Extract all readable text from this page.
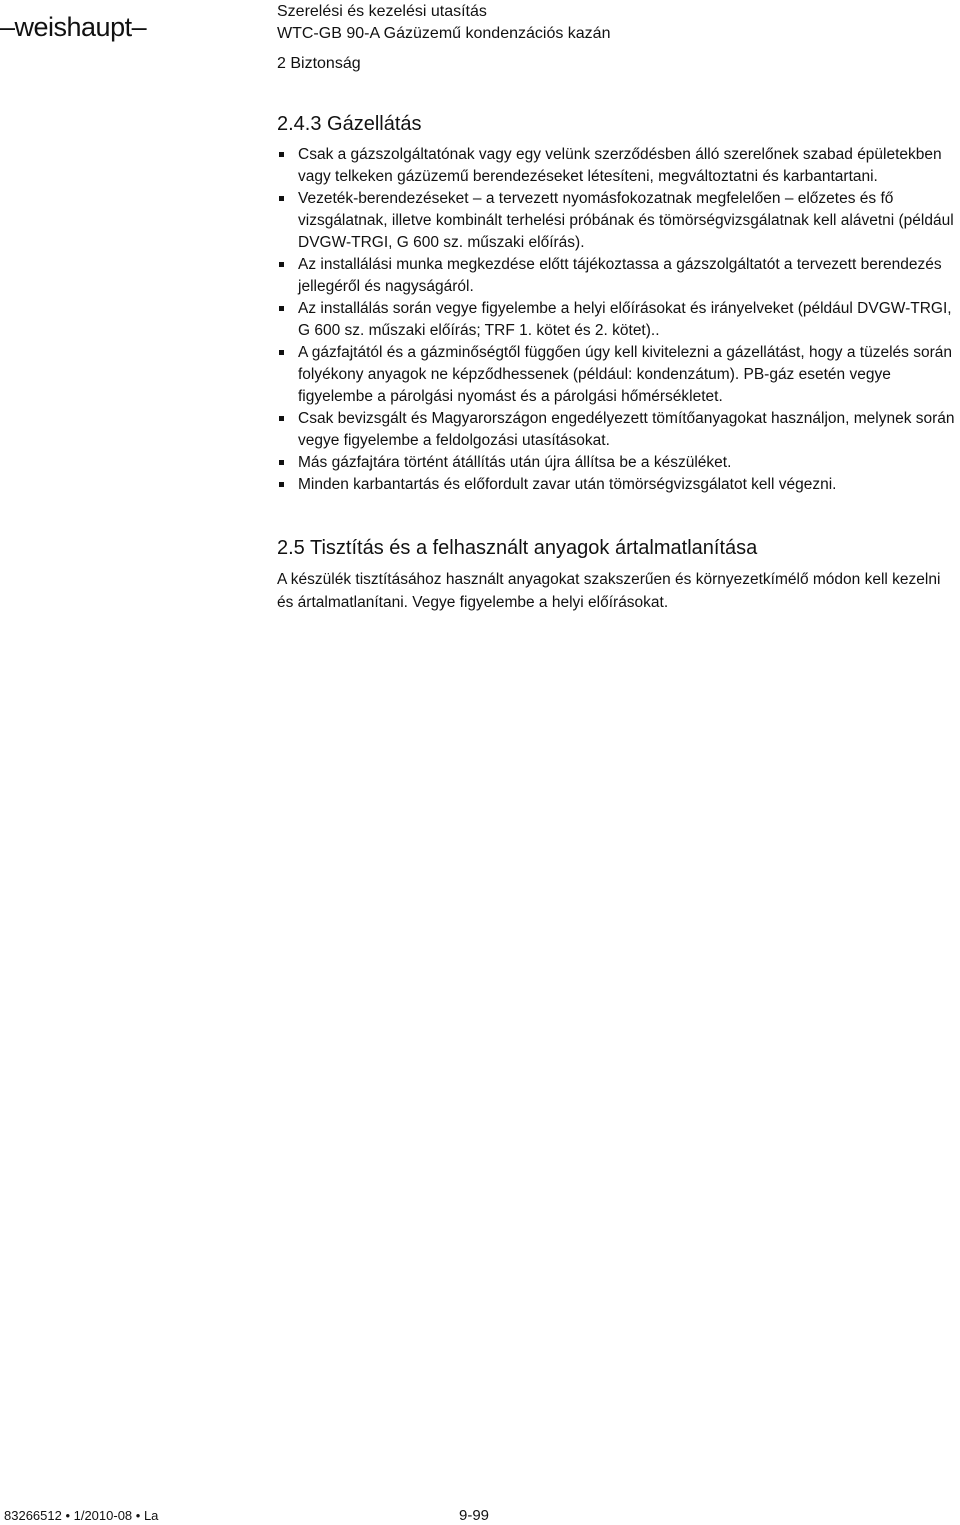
–weishaupt–
Szerelési és kezelési utasítás
WTC-GB 90-A Gázüzemű kondenzációs kazán
2 Biztonság
2.4.3 Gázellátás
Csak a gázszolgáltatónak vagy egy velünk szerződésben álló szerelőnek szabad épületekben vagy telkeken gázüzemű berendezéseket létesíteni, megváltoztatni és karbantartani.
Vezeték-berendezéseket – a tervezett nyomásfokozatnak megfelelően – előzetes és fő vizsgálatnak, illetve kombinált terhelési próbának és tömörségvizsgálatnak kell alávetni (például DVGW-TRGI, G 600 sz. műszaki előírás).
Az installálási munka megkezdése előtt tájékoztassa a gázszolgáltatót a tervezett berendezés jellegéről és nagyságáról.
Az installálás során vegye figyelembe a helyi előírásokat és irányelveket (például DVGW-TRGI, G 600 sz. műszaki előírás; TRF 1. kötet és 2. kötet)..
A gázfajtától és a gázminőségtől függően úgy kell kivitelezni a gázellátást, hogy a tüzelés során folyékony anyagok ne képződhessenek (például: kondenzátum). PB-gáz esetén vegye figyelembe a párolgási nyomást és a párolgási hőmérsékletet.
Csak bevizsgált és Magyarországon engedélyezett tömítőanyagokat használjon, melynek során vegye figyelembe a feldolgozási utasításokat.
Más gázfajtára történt átállítás után újra állítsa be a készüléket.
Minden karbantartás és előfordult zavar után tömörségvizsgálatot kell végezni.
2.5 Tisztítás és a felhasznált anyagok ártalmatlanítása

A készülék tisztításához használt anyagokat szakszerűen és környezetkímélő módon kell kezelni és ártalmatlanítani. Vegye figyelembe a helyi előírásokat.

83266512 • 1/2010-08 • La	9-99
